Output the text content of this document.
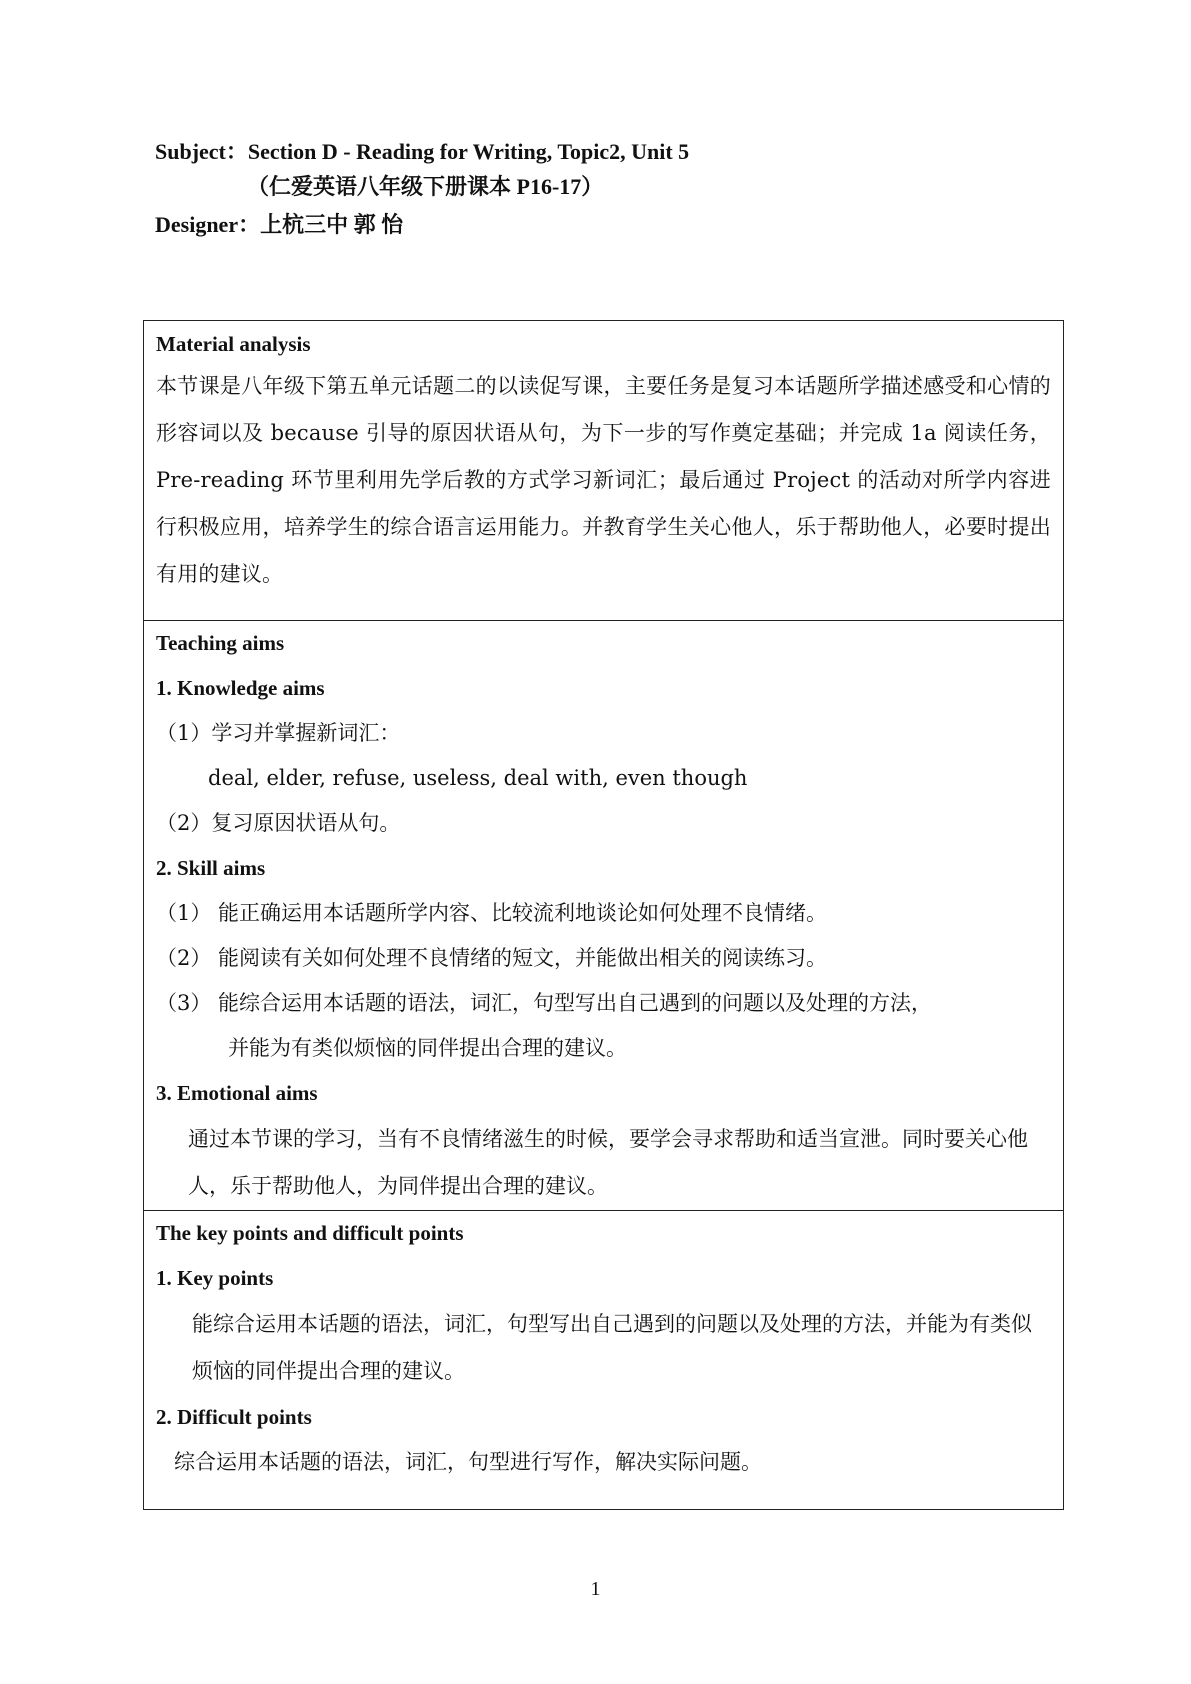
Subject：Section D - Reading for Writing, Topic2, Unit 5
（仁爱英语八年级下册课本 P16-17）
Designer：上杭三中 郭 怡
Material analysis
本节课是八年级下第五单元话题二的以读促写课，主要任务是复习本话题所学描述感受和心情的形容词以及 because 引导的原因状语从句，为下一步的写作奠定基础；并完成 1a 阅读任务，Pre-reading 环节里利用先学后教的方式学习新词汇；最后通过 Project 的活动对所学内容进行积极应用，培养学生的综合语言运用能力。并教育学生关心他人，乐于帮助他人，必要时提出有用的建议。

Teaching aims
1. Knowledge aims
（1）学习并掌握新词汇：
deal, elder, refuse, useless, deal with, even though
（2）复习原因状语从句。
2. Skill aims
（1） 能正确运用本话题所学内容、比较流利地谈论如何处理不良情绪。
（2） 能阅读有关如何处理不良情绪的短文，并能做出相关的阅读练习。
（3） 能综合运用本话题的语法，词汇，句型写出自己遇到的问题以及处理的方法，
并能为有类似烦恼的同伴提出合理的建议。
3. Emotional aims
通过本节课的学习，当有不良情绪滋生的时候，要学会寻求帮助和适当宣泄。同时要关心他人，乐于帮助他人，为同伴提出合理的建议。

The key points and difficult points
1. Key points
能综合运用本话题的语法，词汇，句型写出自己遇到的问题以及处理的方法，并能为有类似烦恼的同伴提出合理的建议。
2. Difficult points
综合运用本话题的语法，词汇，句型进行写作，解决实际问题。
1
